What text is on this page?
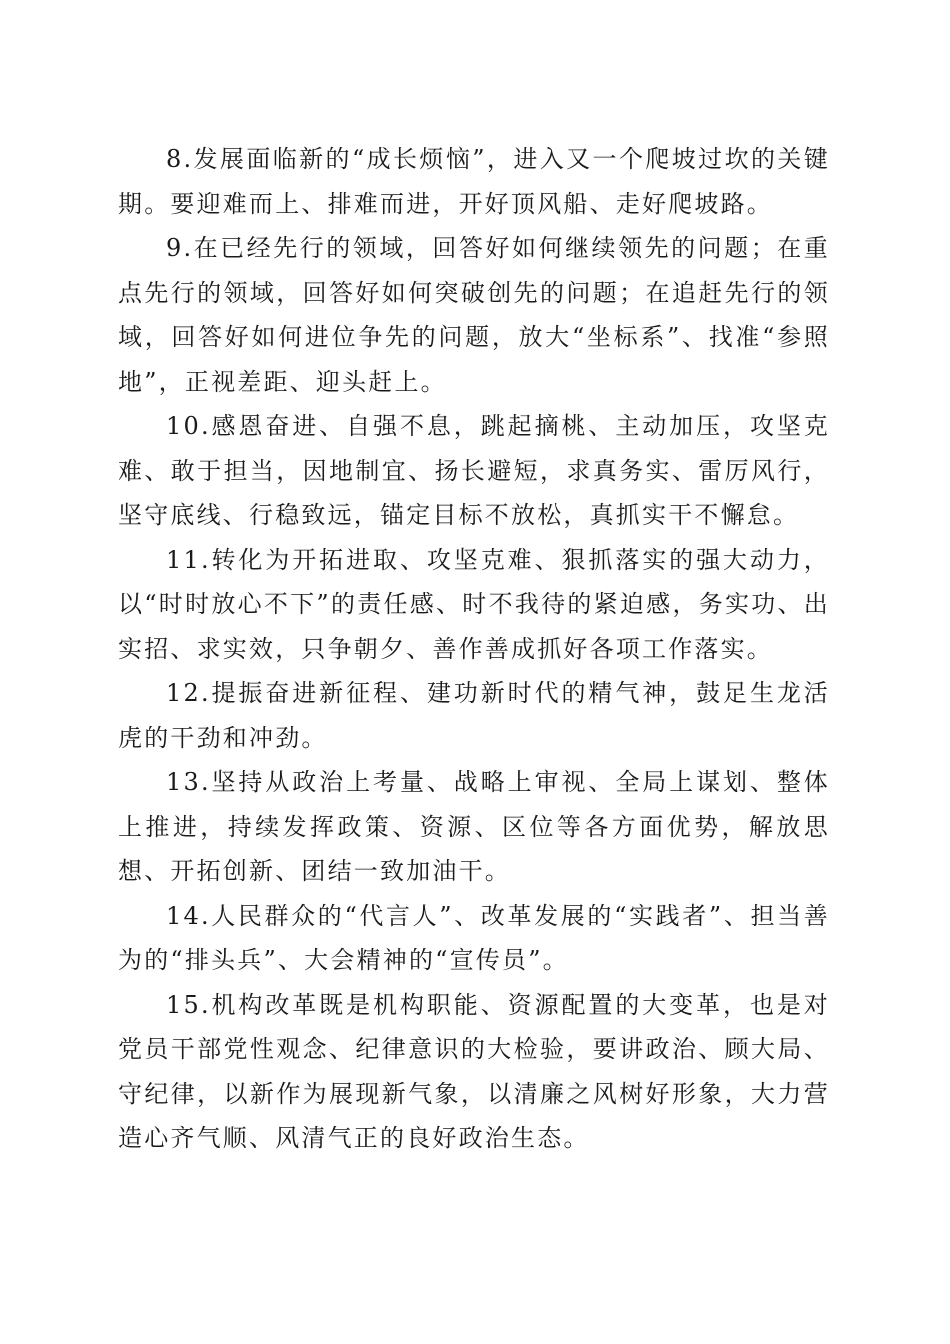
8.发展面临新的“成长烦恼”，进入又一个爬坡过坎的关键期。要迎难而上、排难而进，开好顶风船、走好爬坡路。

9.在已经先行的领域，回答好如何继续领先的问题；在重点先行的领域，回答好如何突破创先的问题；在追赶先行的领域，回答好如何进位争先的问题，放大“坐标系”、找准“参照地”，正视差距、迎头赶上。

10.感恩奋进、自强不息，跳起摘桃、主动加压，攻坚克难、敢于担当，因地制宜、扬长避短，求真务实、雷厉风行，坚守底线、行稳致远，锚定目标不放松，真抓实干不懈怠。

11.转化为开拓进取、攻坚克难、狠抓落实的强大动力，以“时时放心不下”的责任感、时不我待的紧迫感，务实功、出实招、求实效，只争朝夕、善作善成抓好各项工作落实。

12.提振奋进新征程、建功新时代的精气神，鼓足生龙活虎的干劲和冲劲。

13.坚持从政治上考量、战略上审视、全局上谋划、整体上推进，持续发挥政策、资源、区位等各方面优势，解放思想、开拓创新、团结一致加油干。

14.人民群众的“代言人”、改革发展的“实践者”、担当善为的“排头兵”、大会精神的“宣传员”。

15.机构改革既是机构职能、资源配置的大变革，也是对党员干部党性观念、纪律意识的大检验，要讲政治、顾大局、守纪律，以新作为展现新气象，以清廉之风树好形象，大力营造心齐气顺、风清气正的良好政治生态。
